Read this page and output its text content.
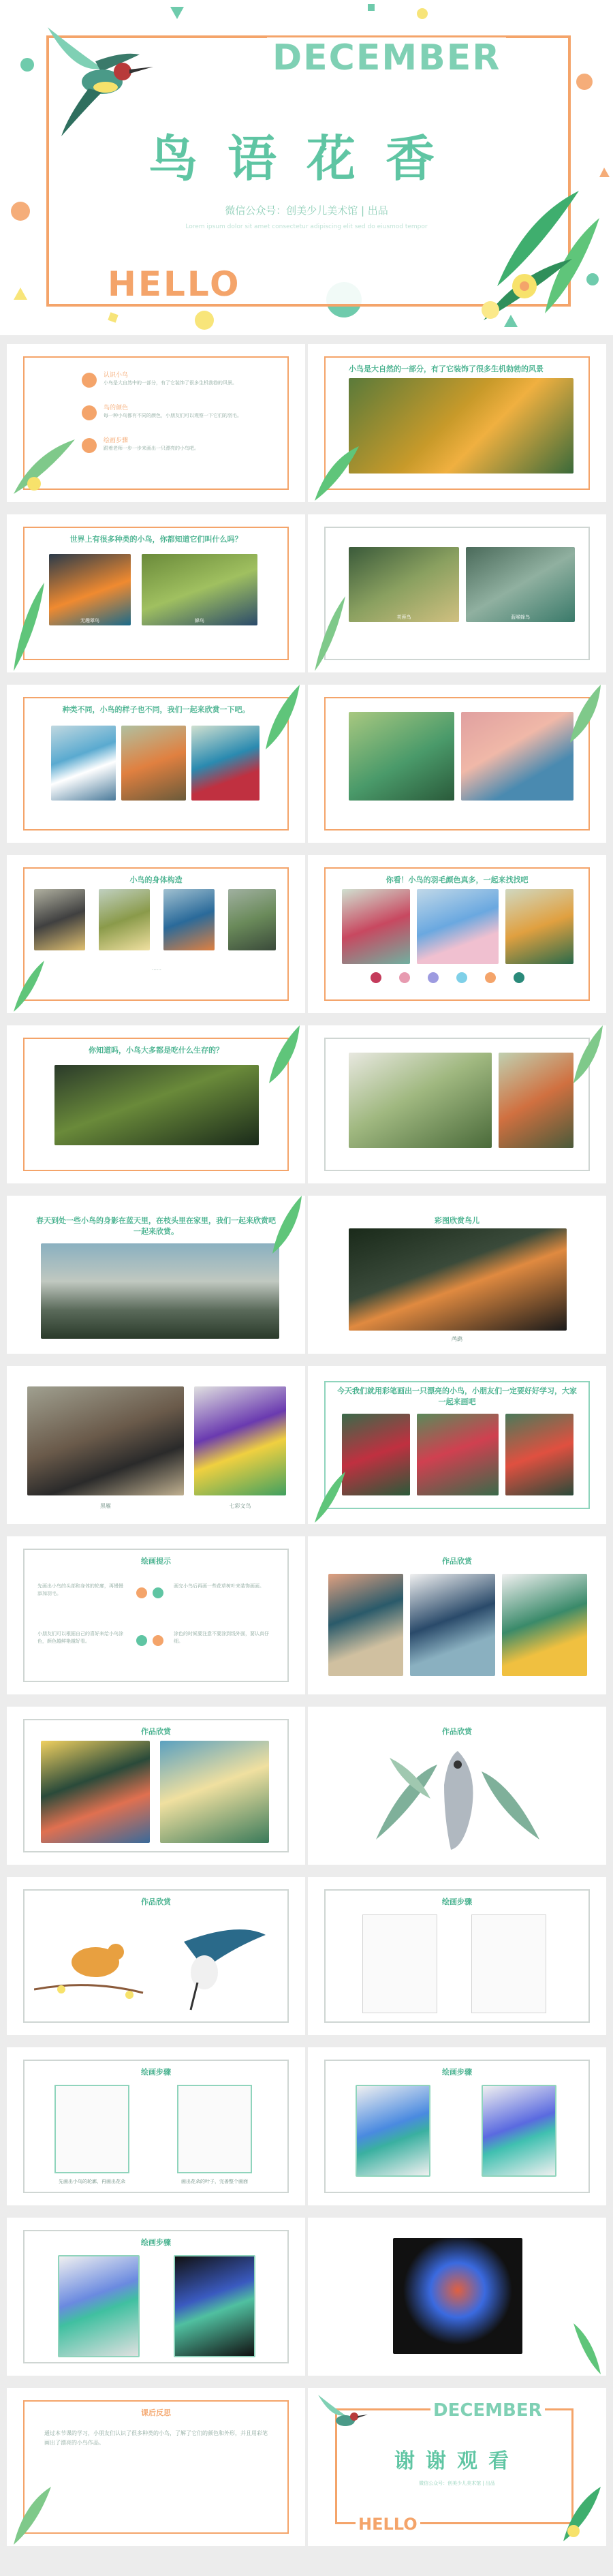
DECEMBER
鸟语花香
微信公众号：创美少儿美术馆 | 出品
Lorem ipsum dolor sit amet consectetur adipiscing elit sed do eiusmod tempor
HELLO
认识小鸟
小鸟是大自然中的一部分，有了它装饰了很多生机勃勃的风景。
鸟的颜色
每一种小鸟都有不同的颜色，小朋友们可以观察一下它们的羽毛。
绘画步骤
跟着老师一步一步来画出一只漂亮的小鸟吧。
小鸟是大自然的一部分，有了它装饰了很多生机勃勃的风景
世界上有很多种类的小鸟，你都知道它们叫什么吗？
无趣翠鸟	蜂鸟
芙蓉鸟	蓝喉蜂鸟
种类不同，小鸟的样子也不同，我们一起来欣赏一下吧。
小鸟的身体构造
……
你看！小鸟的羽毛颜色真多，一起来找找吧
你知道吗，小鸟大多都是吃什么生存的？
春天到处一些小鸟的身影在蓝天里，在枝头里在家里，我们一起来欣赏吧一起来欣赏。
彩图欣赏鸟儿
鸬鹚
黑雁	七彩文鸟
今天我们就用彩笔画出一只漂亮的小鸟，小朋友们一定要好好学习，大家一起来画吧
绘画提示
先画出小鸟的头部和身体的轮廓，再慢慢添加羽毛。
画完小鸟后再画一些花草树叶来装饰画面。
小朋友们可以根据自己的喜好来给小鸟涂色，颜色越鲜艳越好看。
涂色的时候要注意不要涂到线外面，要认真仔细。
作品欣赏
作品欣赏	作品欣赏
作品欣赏	绘画步骤
绘画步骤
先画出小鸟的轮廓，再画出花朵	画出花朵的叶子，完善整个画面
绘画步骤
绘画步骤
课后反思
通过本节课的学习，小朋友们认识了很多种类的小鸟，了解了它们的颜色和外形，并且用彩笔画出了漂亮的小鸟作品。
DECEMBER
谢谢观看
微信公众号：创美少儿美术馆 | 出品
HELLO
